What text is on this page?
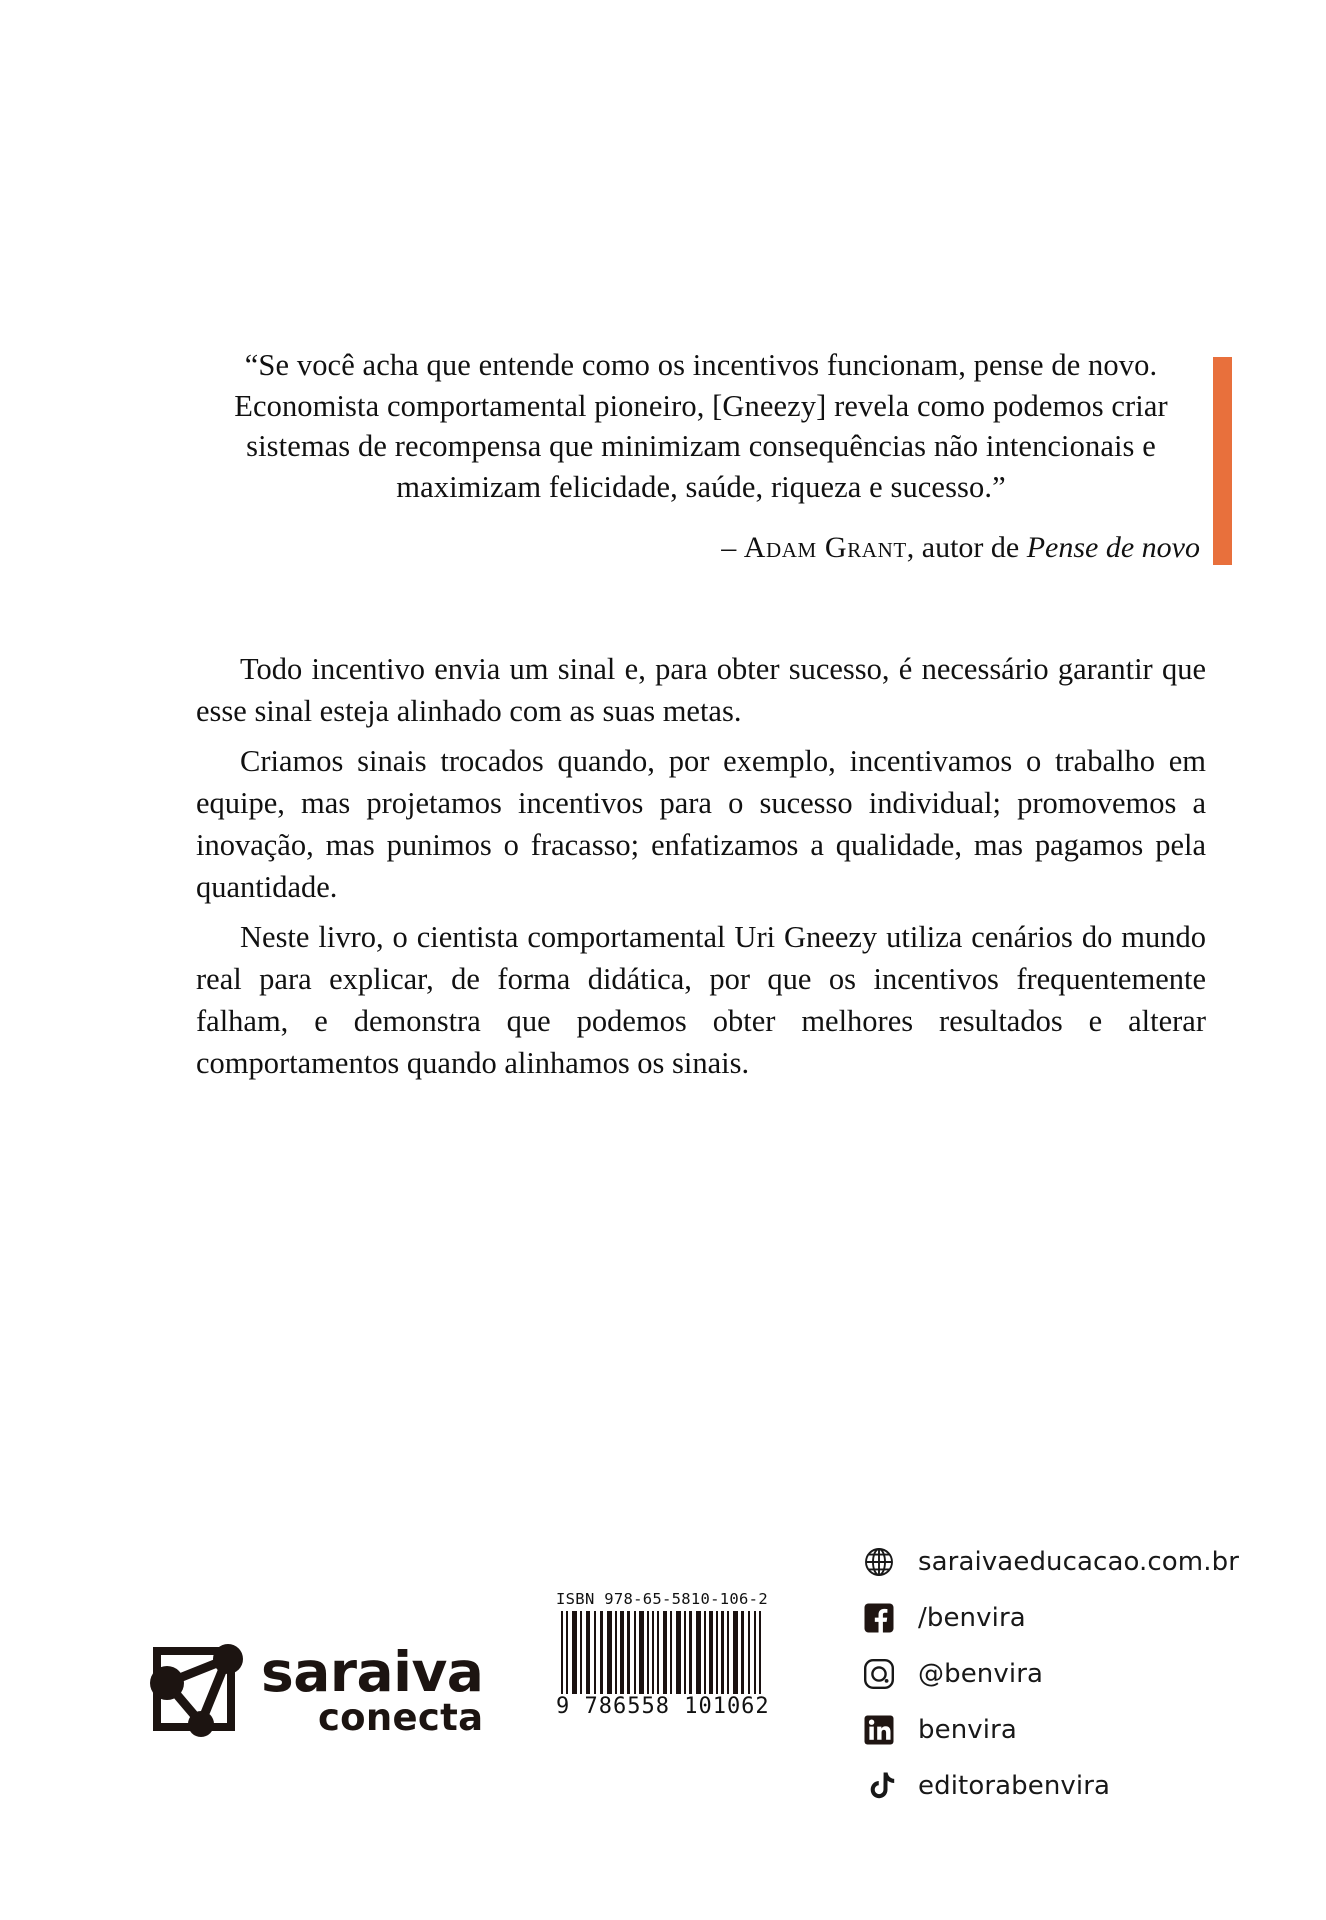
“Se você acha que entende como os incentivos funcionam, pense de novo. Economista comportamental pioneiro, [Gneezy] revela como podemos criar sistemas de recompensa que minimizam consequências não intencionais e maximizam felicidade, saúde, riqueza e sucesso.”
– Adam Grant, autor de Pense de novo

Todo incentivo envia um sinal e, para obter sucesso, é necessário garantir que esse sinal esteja alinhado com as suas metas.

Criamos sinais trocados quando, por exemplo, incentivamos o trabalho em equipe, mas projetamos incentivos para o sucesso individual; promovemos a inovação, mas punimos o fracasso; enfatizamos a qualidade, mas pagamos pela quantidade.

Neste livro, o cientista comportamental Uri Gneezy utiliza cenários do mundo real para explicar, de forma didática, por que os incentivos frequentemente falham, e demonstra que podemos obter melhores resultados e alterar comportamentos quando alinhamos os sinais.

saraiva
conecta
ISBN 978-65-5810-106-2
9 786558 101062
saraivaeducacao.com.br
/benvira
@benvira
benvira
editorabenvira
